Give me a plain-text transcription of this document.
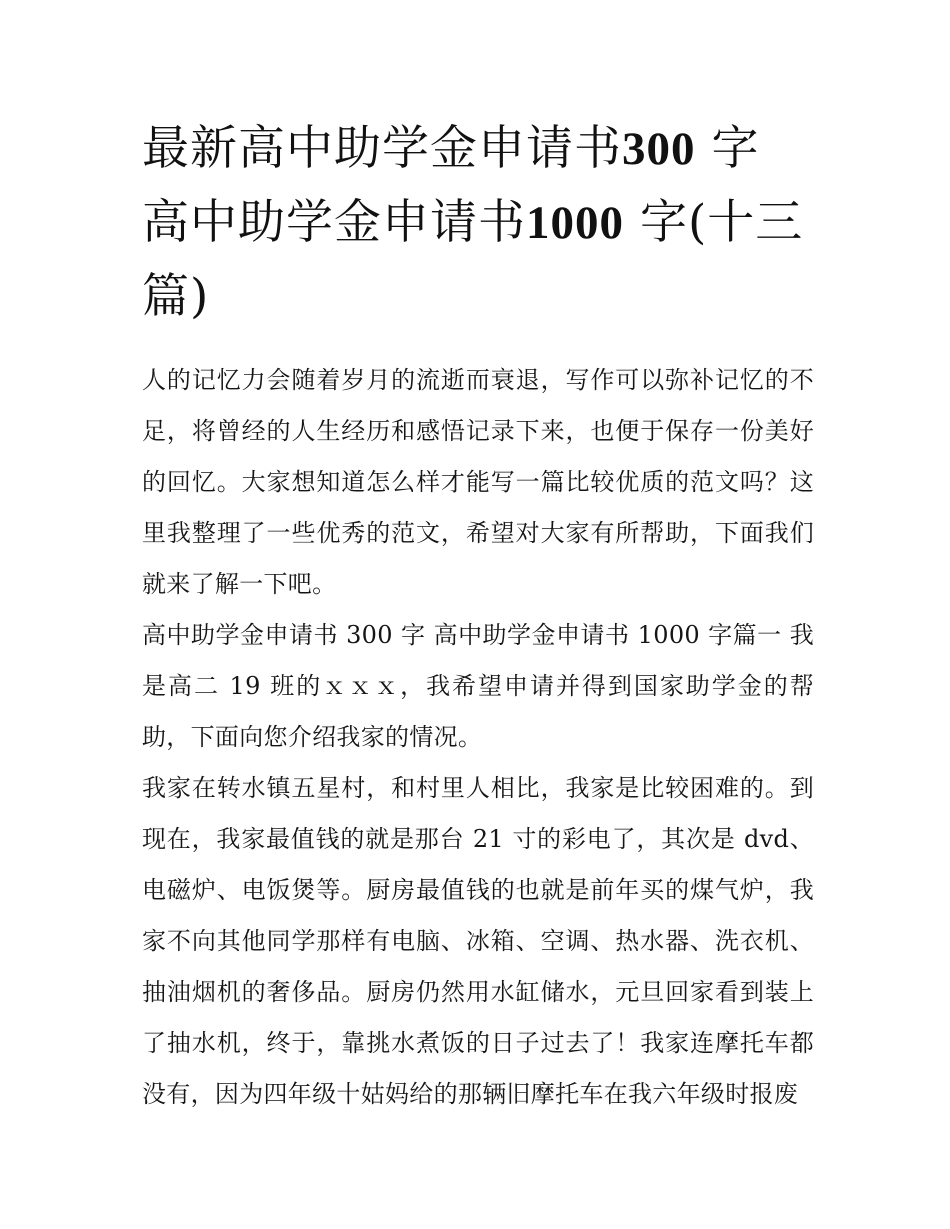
最新高中助学金申请书300 字
高中助学金申请书1000 字(十三篇)

人的记忆力会随着岁月的流逝而衰退，写作可以弥补记忆的不足，将曾经的人生经历和感悟记录下来，也便于保存一份美好的回忆。大家想知道怎么样才能写一篇比较优质的范文吗？这里我整理了一些优秀的范文，希望对大家有所帮助，下面我们就来了解一下吧。

高中助学金申请书 300 字 高中助学金申请书 1000 字篇一 我是高二 19 班的ｘｘｘ，我希望申请并得到国家助学金的帮助，下面向您介绍我家的情况。

我家在转水镇五星村，和村里人相比，我家是比较困难的。到现在，我家最值钱的就是那台 21 寸的彩电了，其次是 dvd、电磁炉、电饭煲等。厨房最值钱的也就是前年买的煤气炉，我家不向其他同学那样有电脑、冰箱、空调、热水器、洗衣机、抽油烟机的奢侈品。厨房仍然用水缸储水，元旦回家看到装上了抽水机，终于，靠挑水煮饭的日子过去了！我家连摩托车都没有，因为四年级十姑妈给的那辆旧摩托车在我六年级时报废
